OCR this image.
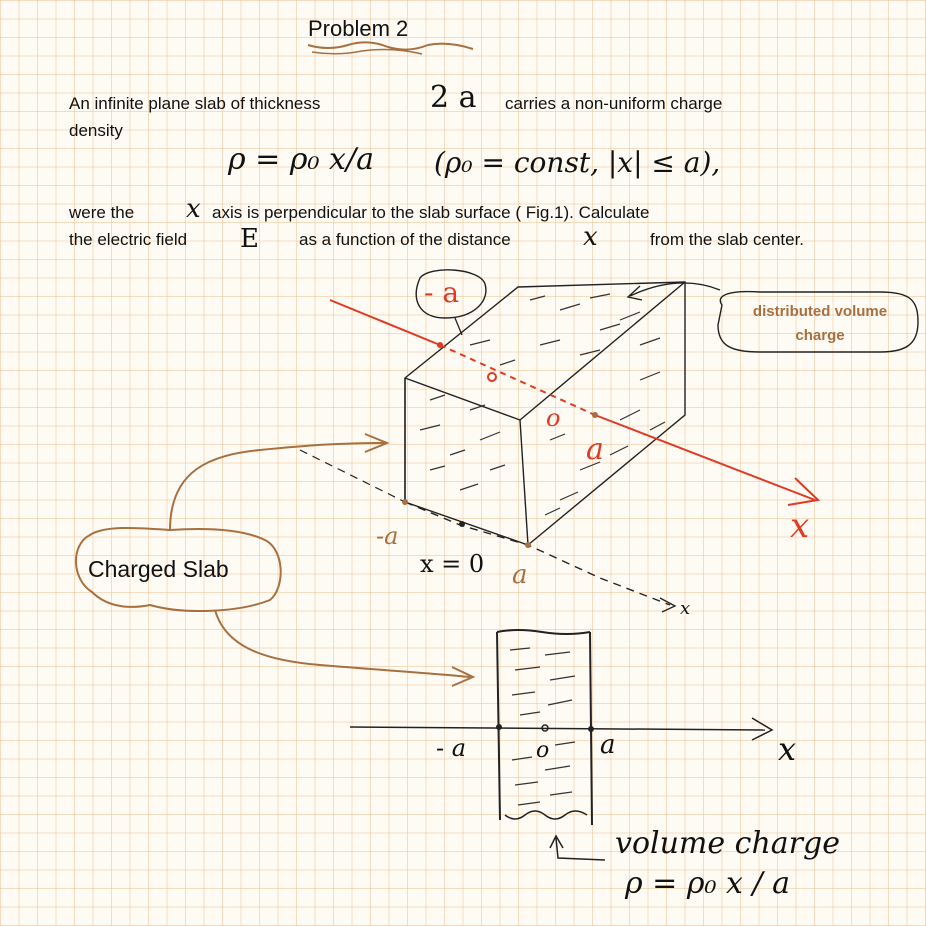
Problem 2
An infinite plane slab of thickness	2 a carries a non-uniform charge
density
ρ = ρ₀ x/a (ρ₀ = const, |x| ≤ a),
were the x axis is perpendicular to the slab surface ( Fig.1). Calculate
the electric field E as a function of the distance	x	from the slab center.
- a
distributed volume
charge
o
a
x
-a
x = 0 a
x
Charged Slab
- a	o a	x
volume charge
ρ = ρ₀ x / a
